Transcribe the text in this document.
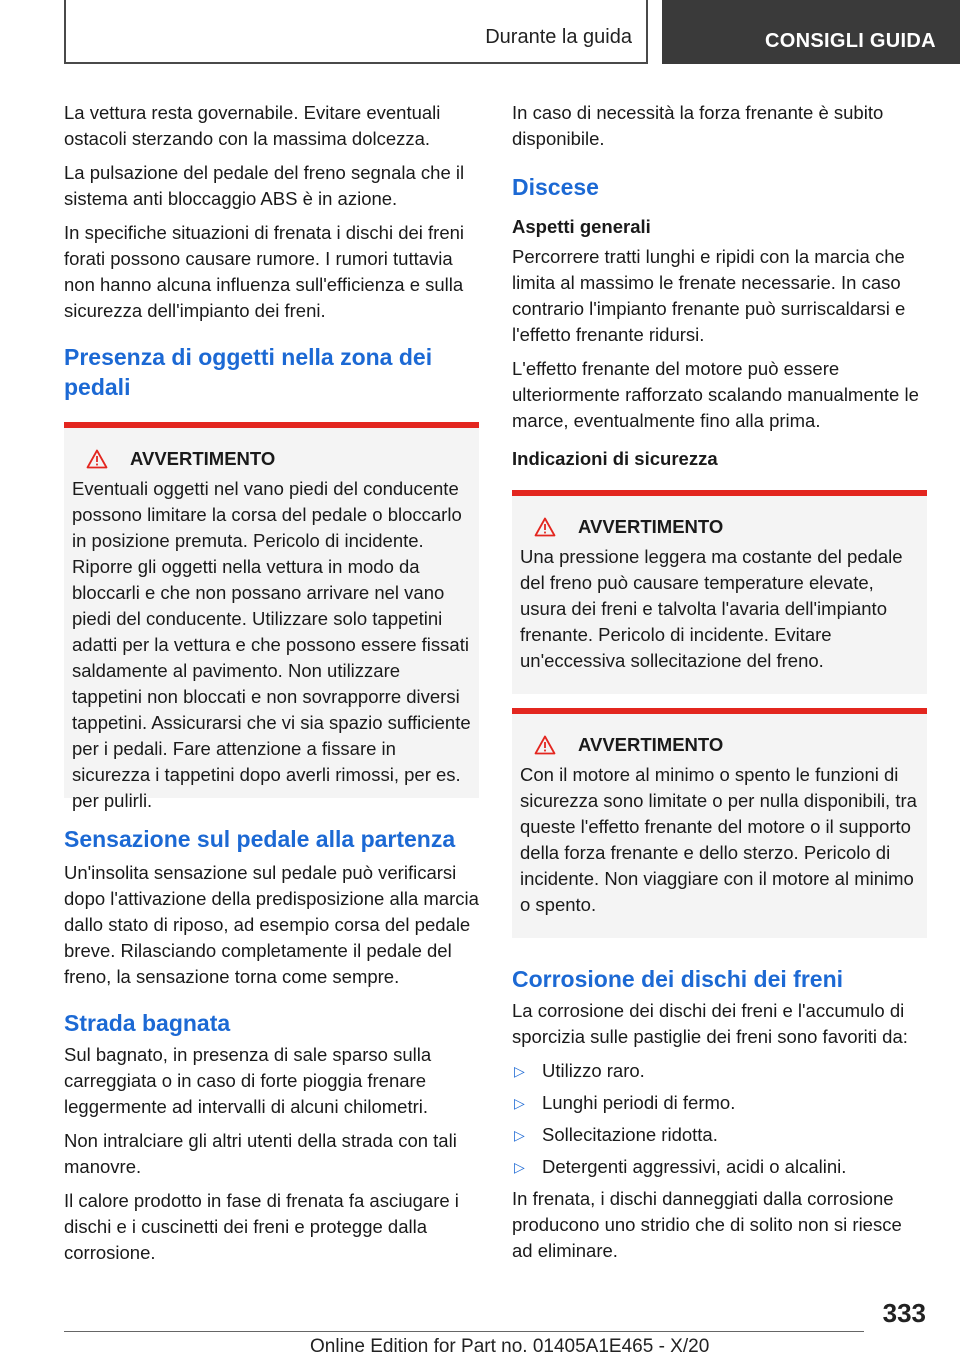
Durante la guida	CONSIGLI GUIDA

La vettura resta governabile. Evitare eventuali ostacoli sterzando con la massima dolcezza.

La pulsazione del pedale del freno segnala che il sistema anti bloccaggio ABS è in azione.

In specifiche situazioni di frenata i dischi dei freni forati possono causare rumore. I rumori tuttavia non hanno alcuna influenza sull'efficienza e sulla sicurezza dell'impianto dei freni.

Presenza di oggetti nella zona dei pedali
AVVERTIMENTO

Eventuali oggetti nel vano piedi del conducente possono limitare la corsa del pedale o bloccarlo in posizione premuta. Pericolo di incidente. Riporre gli oggetti nella vettura in modo da bloccarli e che non possano arrivare nel vano piedi del conducente. Utilizzare solo tappetini adatti per la vettura e che possono essere fissati saldamente al pavimento. Non utilizzare tappetini non bloccati e non sovrapporre diversi tappetini. Assicurarsi che vi sia spazio sufficiente per i pedali. Fare attenzione a fissare in sicurezza i tappetini dopo averli rimossi, per es. per pulirli.

Sensazione sul pedale alla partenza

Un'insolita sensazione sul pedale può verificarsi dopo l'attivazione della predisposizione alla marcia dallo stato di riposo, ad esempio corsa del pedale breve. Rilasciando completamente il pedale del freno, la sensazione torna come sempre.

Strada bagnata

Sul bagnato, in presenza di sale sparso sulla carreggiata o in caso di forte pioggia frenare leggermente ad intervalli di alcuni chilometri.

Non intralciare gli altri utenti della strada con tali manovre.

Il calore prodotto in fase di frenata fa asciugare i dischi e i cuscinetti dei freni e protegge dalla corrosione.

In caso di necessità la forza frenante è subito disponibile.

Discese
Aspetti generali

Percorrere tratti lunghi e ripidi con la marcia che limita al massimo le frenate necessarie. In caso contrario l'impianto frenante può surriscaldarsi e l'effetto frenante ridursi.

L'effetto frenante del motore può essere ulteriormente rafforzato scalando manualmente le marce, eventualmente fino alla prima.

Indicazioni di sicurezza
AVVERTIMENTO

Una pressione leggera ma costante del pedale del freno può causare temperature elevate, usura dei freni e talvolta l'avaria dell'impianto frenante. Pericolo di incidente. Evitare un'eccessiva sollecitazione del freno.

AVVERTIMENTO

Con il motore al minimo o spento le funzioni di sicurezza sono limitate o per nulla disponibili, tra queste l'effetto frenante del motore o il supporto della forza frenante e dello sterzo. Pericolo di incidente. Non viaggiare con il motore al minimo o spento.

Corrosione dei dischi dei freni

La corrosione dei dischi dei freni e l'accumulo di sporcizia sulle pastiglie dei freni sono favoriti da:

▷ Utilizzo raro.
▷ Lunghi periodi di fermo.
▷ Sollecitazione ridotta.
▷ Detergenti aggressivi, acidi o alcalini.

In frenata, i dischi danneggiati dalla corrosione producono uno stridio che di solito non si riesce ad eliminare.

333
Online Edition for Part no. 01405A1E465 - X/20
